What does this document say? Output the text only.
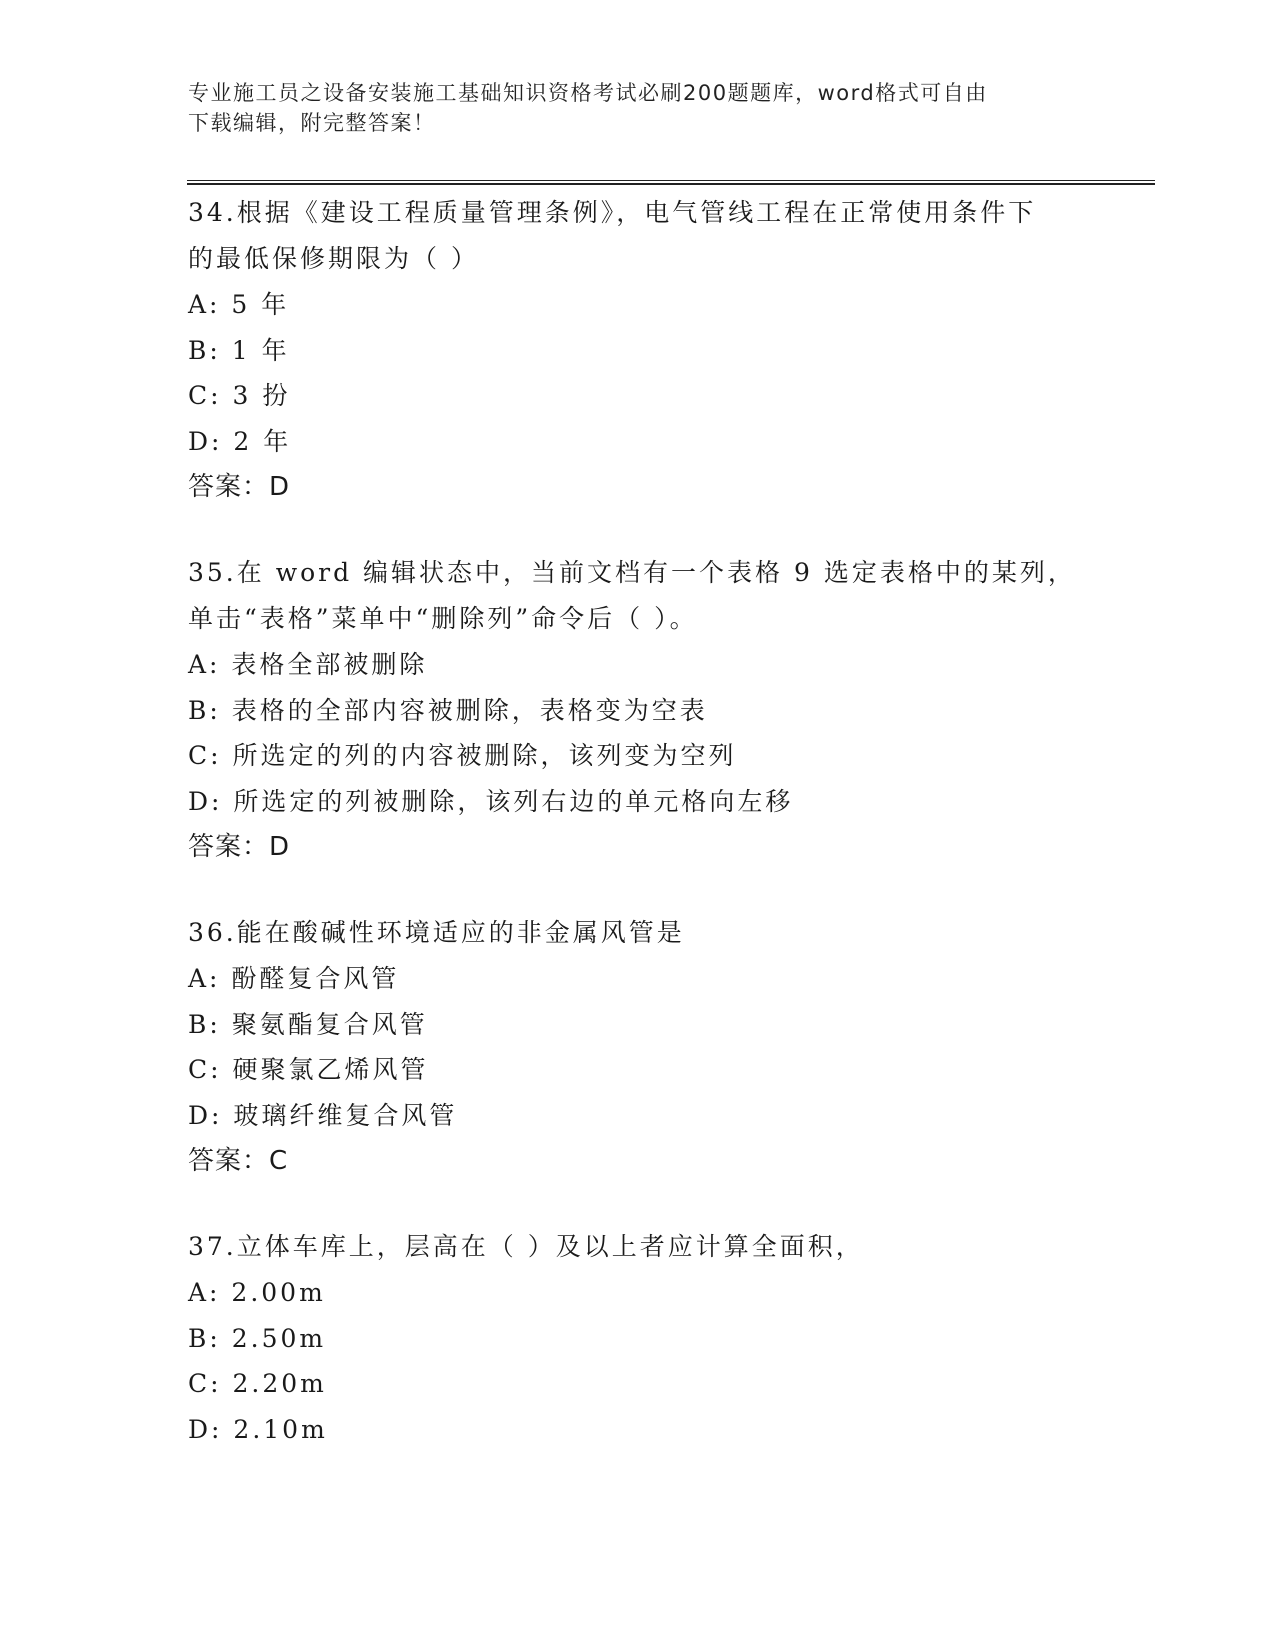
专业施工员之设备安装施工基础知识资格考试必刷200题题库，word格式可自由
下载编辑，附完整答案！
34.根据《建设工程质量管理条例》，电气管线工程在正常使用条件下
的最低保修期限为（ ）
A: 5 年
B: 1 年
C: 3 扮
D: 2 年
答案：D
35.在 word 编辑状态中，当前文档有一个表格 9 选定表格中的某列，
单击“表格”菜单中“删除列”命令后（ ）。
A: 表格全部被删除
B: 表格的全部内容被删除，表格变为空表
C: 所选定的列的内容被删除，该列变为空列
D: 所选定的列被删除，该列右边的单元格向左移
答案：D
36.能在酸碱性环境适应的非金属风管是
A: 酚醛复合风管
B: 聚氨酯复合风管
C: 硬聚氯乙烯风管
D: 玻璃纤维复合风管
答案：C
37.立体车库上，层高在（ ）及以上者应计算全面积，
A: 2.00m
B: 2.50m
C: 2.20m
D: 2.10m
